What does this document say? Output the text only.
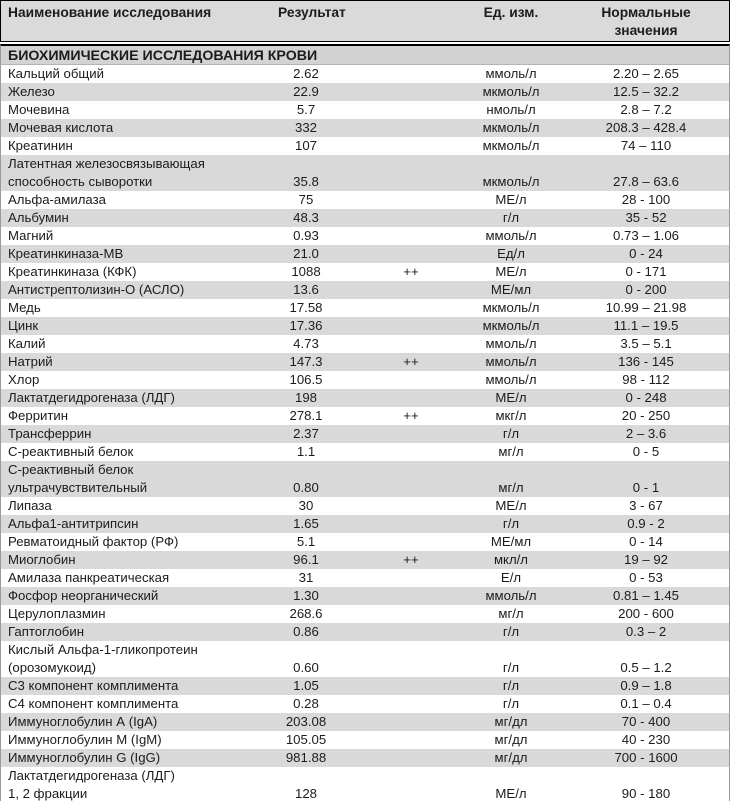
Наименование исследования	Результат	Ед. изм.	Нормальные
значения
БИОХИМИЧЕСКИЕ ИССЛЕДОВАНИЯ КРОВИ
Кальций общий	2.62	ммоль/л	2.20 – 2.65
Железо	22.9	мкмоль/л	12.5 – 32.2
Мочевина	5.7	нмоль/л	2.8 – 7.2
Мочевая кислота	332	мкмоль/л	208.3 – 428.4
Креатинин	107	мкмоль/л	74 – 110
Латентная железосвязывающая
способность сыворотки	35.8	мкмоль/л	27.8 – 63.6
Альфа-амилаза	75	МЕ/л	28 - 100
Альбумин	48.3	г/л	35 - 52
Магний	0.93	ммоль/л	0.73 – 1.06
Креатинкиназа-МВ	21.0	Ед/л	0 - 24
Креатинкиназа (КФК)	1088	++	МЕ/л	0 - 171
Антистрептолизин-О (АСЛО)	13.6	МЕ/мл	0 - 200
Медь	17.58	мкмоль/л	10.99 – 21.98
Цинк	17.36	мкмоль/л	11.1 – 19.5
Калий	4.73	ммоль/л	3.5 – 5.1
Натрий	147.3	++	ммоль/л	136 - 145
Хлор	106.5	ммоль/л	98 - 112
Лактатдегидрогеназа (ЛДГ)	198	МЕ/л	0 - 248
Ферритин	278.1	++	мкг/л	20 - 250
Трансферрин	2.37	г/л	2 – 3.6
С-реактивный белок	1.1	мг/л	0 - 5
С-реактивный белок
ультрачувствительный	0.80	мг/л	0 - 1
Липаза	30	МЕ/л	3 - 67
Альфа1-антитрипсин	1.65	г/л	0.9 - 2
Ревматоидный фактор (РФ)	5.1	МЕ/мл	0 - 14
Миоглобин	96.1	++	мкл/л	19 – 92
Амилаза панкреатическая	31	Е/л	0 - 53
Фосфор неорганический	1.30	ммоль/л	0.81 – 1.45
Церулоплазмин	268.6	мг/л	200 - 600
Гаптоглобин	0.86	г/л	0.3 – 2
Кислый Альфа-1-гликопротеин
(орозомукоид)	0.60	г/л	0.5 – 1.2
С3 компонент комплимента	1.05	г/л	0.9 – 1.8
С4 компонент комплимента	0.28	г/л	0.1 – 0.4
Иммуноглобулин А (IgA)	203.08	мг/дл	70 - 400
Иммуноглобулин М (IgM)	105.05	мг/дл	40 - 230
Иммуноглобулин G (IgG)	981.88	мг/дл	700 - 1600
Лактатдегидрогеназа (ЛДГ)
1, 2 фракции	128	МЕ/л	90 - 180
